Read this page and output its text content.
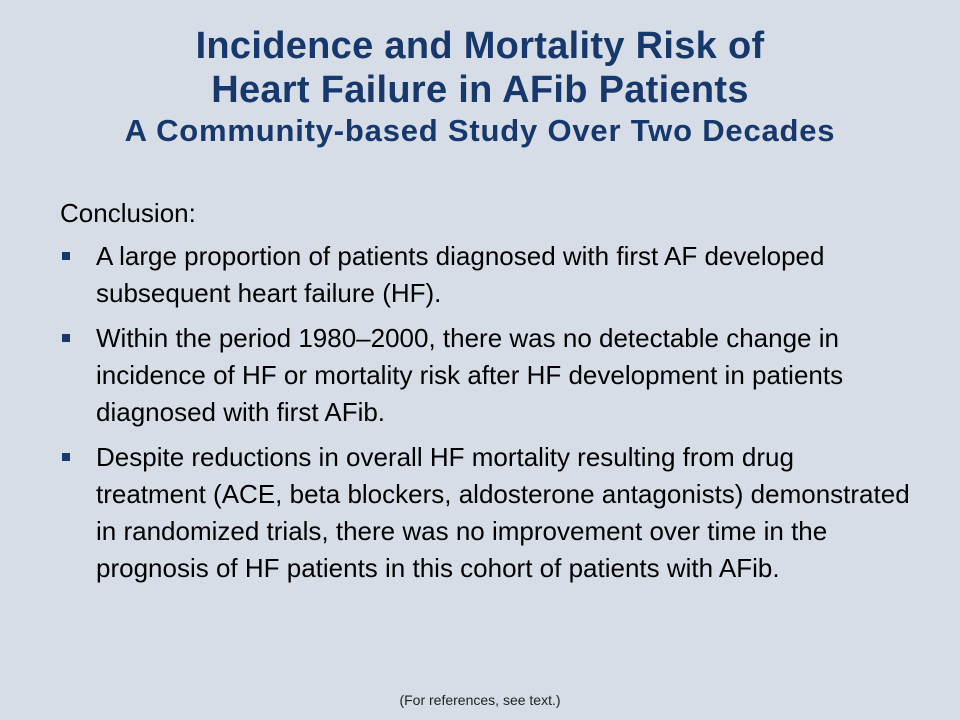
Incidence and Mortality Risk of
Heart Failure in AFib Patients
A Community-based Study Over Two Decades
Conclusion:
A large proportion of patients diagnosed with first AF developed subsequent heart failure (HF).
Within the period 1980–2000, there was no detectable change in incidence of HF or mortality risk after HF development in patients diagnosed with first AFib.
Despite reductions in overall HF mortality resulting from drug treatment (ACE, beta blockers, aldosterone antagonists) demonstrated in randomized trials, there was no improvement over time in the prognosis of HF patients in this cohort of patients with AFib.
(For references, see text.)
